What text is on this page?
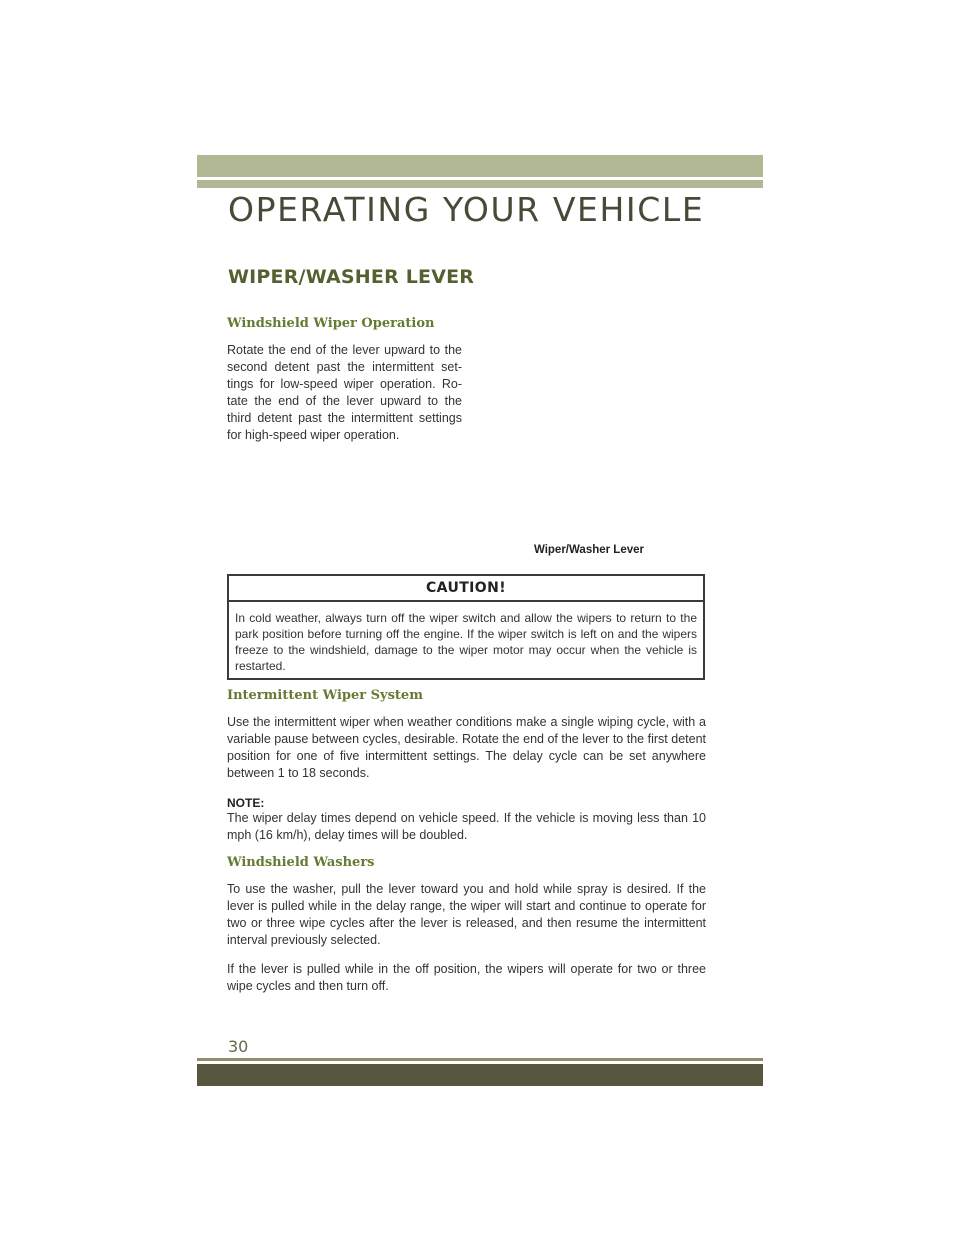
OPERATING YOUR VEHICLE
WIPER/WASHER LEVER
Windshield Wiper Operation

Rotate the end of the lever upward to the

second detent past the intermittent set-

tings for low-speed wiper operation. Ro-

tate the end of the lever upward to the

third detent past the intermittent settings

for high-speed wiper operation.

Wiper/Washer Lever
CAUTION!
In cold weather, always turn off the wiper switch and allow the wipers to return to the park position before turning off the engine. If the wiper switch is left on and the wipers freeze to the windshield, damage to the wiper motor may occur when the vehicle is restarted.
Intermittent Wiper System
Use the intermittent wiper when weather conditions make a single wiping cycle, with a variable pause between cycles, desirable. Rotate the end of the lever to the first detent position for one of five intermittent settings. The delay cycle can be set anywhere between 1 to 18 seconds.
NOTE:
The wiper delay times depend on vehicle speed. If the vehicle is moving less than 10 mph (16 km/h), delay times will be doubled.
Windshield Washers
To use the washer, pull the lever toward you and hold while spray is desired. If the lever is pulled while in the delay range, the wiper will start and continue to operate for two or three wipe cycles after the lever is released, and then resume the intermittent interval previously selected.
If the lever is pulled while in the off position, the wipers will operate for two or three wipe cycles and then turn off.
30
